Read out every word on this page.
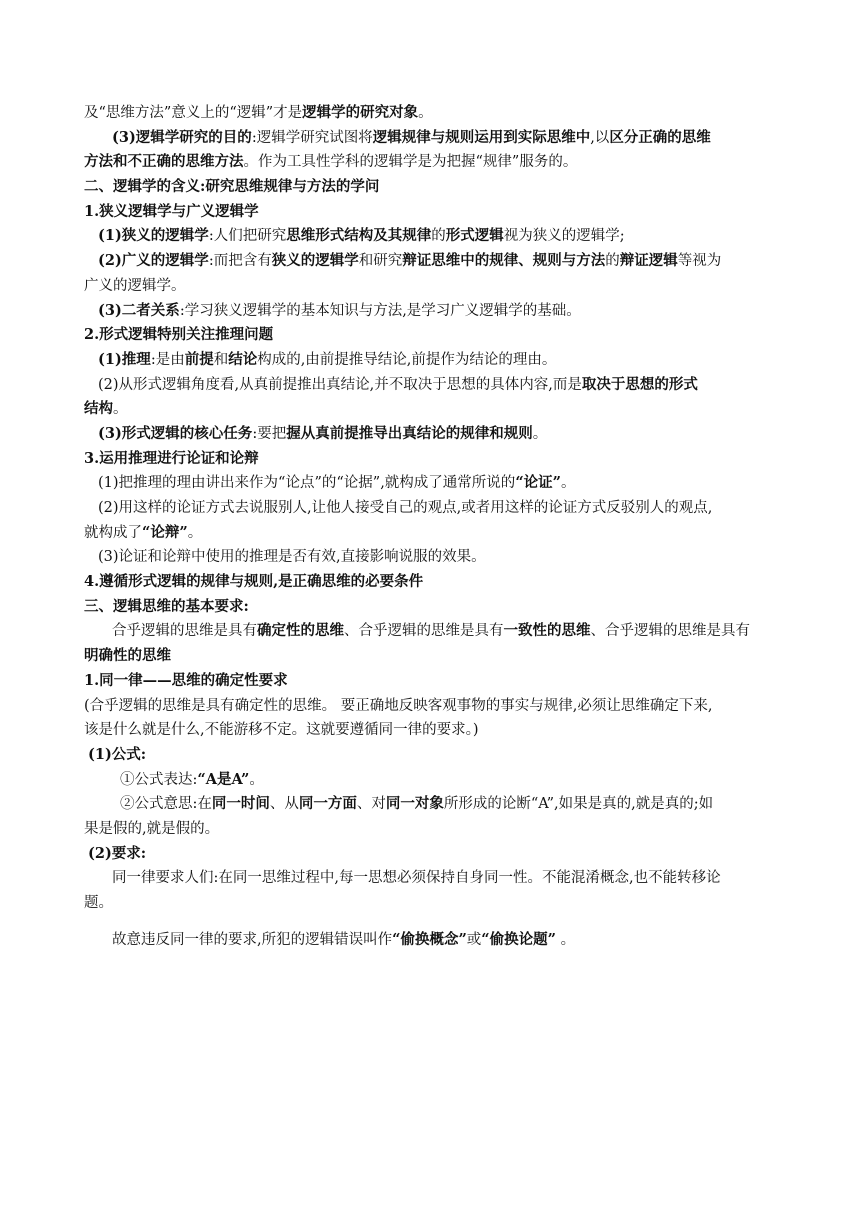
及“思维方法”意义上的“逻辑”才是逻辑学的研究对象。
(3)逻辑学研究的目的:逻辑学研究试图将逻辑规律与规则运用到实际思维中,以区分正确的思维
方法和不正确的思维方法。作为工具性学科的逻辑学是为把握“规律”服务的。
二、逻辑学的含义:研究思维规律与方法的学问
1.狭义逻辑学与广义逻辑学
(1)狭义的逻辑学:人们把研究思维形式结构及其规律的形式逻辑视为狭义的逻辑学;
(2)广义的逻辑学:而把含有狭义的逻辑学和研究辩证思维中的规律、规则与方法的辩证逻辑等视为
广义的逻辑学。
(3)二者关系:学习狭义逻辑学的基本知识与方法,是学习广义逻辑学的基础。
2.形式逻辑特别关注推理问题
(1)推理:是由前提和结论构成的,由前提推导结论,前提作为结论的理由。
(2)从形式逻辑角度看,从真前提推出真结论,并不取决于思想的具体内容,而是取决于思想的形式
结构。
(3)形式逻辑的核心任务:要把握从真前提推导出真结论的规律和规则。
3.运用推理进行论证和论辩
(1)把推理的理由讲出来作为“论点”的“论据”,就构成了通常所说的“论证”。
(2)用这样的论证方式去说服别人,让他人接受自己的观点,或者用这样的论证方式反驳别人的观点,
就构成了“论辩”。
(3)论证和论辩中使用的推理是否有效,直接影响说服的效果。
4.遵循形式逻辑的规律与规则,是正确思维的必要条件
三、逻辑思维的基本要求:
合乎逻辑的思维是具有确定性的思维、合乎逻辑的思维是具有一致性的思维、合乎逻辑的思维是具有
明确性的思维
1.同一律——思维的确定性要求
(合乎逻辑的思维是具有确定性的思维。 要正确地反映客观事物的事实与规律,必须让思维确定下来,
该是什么就是什么,不能游移不定。这就要遵循同一律的要求。)
(1)公式:
①公式表达:“A是A”。
②公式意思:在同一时间、从同一方面、对同一对象所形成的论断“A”,如果是真的,就是真的;如
果是假的,就是假的。
(2)要求:
同一律要求人们:在同一思维过程中,每一思想必须保持自身同一性。不能混淆概念,也不能转移论
题。
故意违反同一律的要求,所犯的逻辑错误叫作“偷换概念”或“偷换论题” 。
